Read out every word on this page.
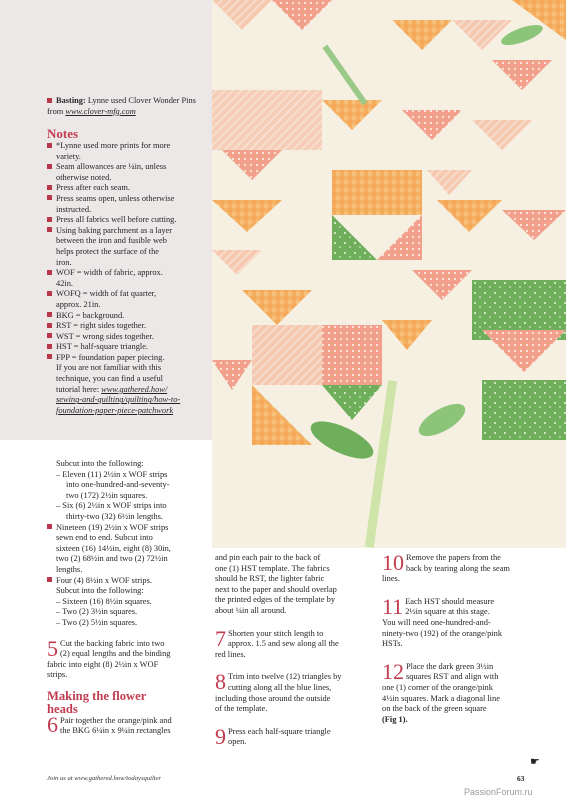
Basting: Lynne used Clover Wonder Pins from www.clover-mfg.com
Notes
*Lynne used more prints for more
variety.
Seam allowances are ¼in, unless
otherwise noted.
Press after each seam.
Press seams open, unless otherwise
instructed.
Press all fabrics well before cutting.
Using baking parchment as a layer
between the iron and fusible web
helps protect the surface of the
iron.
WOF = width of fabric, approx.
42in.
WOFQ = width of fat quarter,
approx. 21in.
BKG = background.
RST = right sides together.
WST = wrong sides together.
HST = half-square triangle.
FPP = foundation paper piecing.
If you are not familiar with this
technique, you can find a useful
tutorial here: www.gathered.how/
sewing-and-quilting/quilting/how-to-
foundation-paper-piece-patchwork
Subcut into the following:
– Eleven (11) 2½in x WOF strips
into one-hundred-and-seventy-
two (172) 2½in squares.
– Six (6) 2½in x WOF strips into
thirty-two (32) 6½in lengths.
Nineteen (19) 2½in x WOF strips
sewn end to end. Subcut into
sixteen (16) 14½in, eight (8) 30in,
two (2) 68½in and two (2) 72½in
lengths.
Four (4) 8½in x WOF strips.
Subcut into the following:
– Sixteen (16) 8½in squares.
– Two (2) 3½in squares.
– Two (2) 5½in squares.
5 Cut the backing fabric into two
(2) equal lengths and the binding
fabric into eight (8) 2½in x WOF
strips.
Making the flower
heads
6 Pair together the orange/pink and
the BKG 6¼in x 9¼in rectangles
and pin each pair to the back of
one (1) HST template. The fabrics
should be RST, the lighter fabric
next to the paper and should overlap
the printed edges of the template by
about ¼in all around.
7 Shorten your stitch length to
approx. 1.5 and sew along all the
red lines.
8 Trim into twelve (12) triangles by
cutting along all the blue lines,
including those around the outside
of the template.
9 Press each half-square triangle
open.
10 Remove the papers from the
back by tearing along the seam
lines.
11 Each HST should measure
2½in square at this stage.
You will need one-hundred-and-
ninety-two (192) of the orange/pink
HSTs.
12 Place the dark green 3½in
squares RST and align with
one (1) corner of the orange/pink
4½in squares. Mark a diagonal line
on the back of the green square
(Fig 1).
☛
Join us at www.gathered.how/todaysquilter	63
PassionForum.ru
